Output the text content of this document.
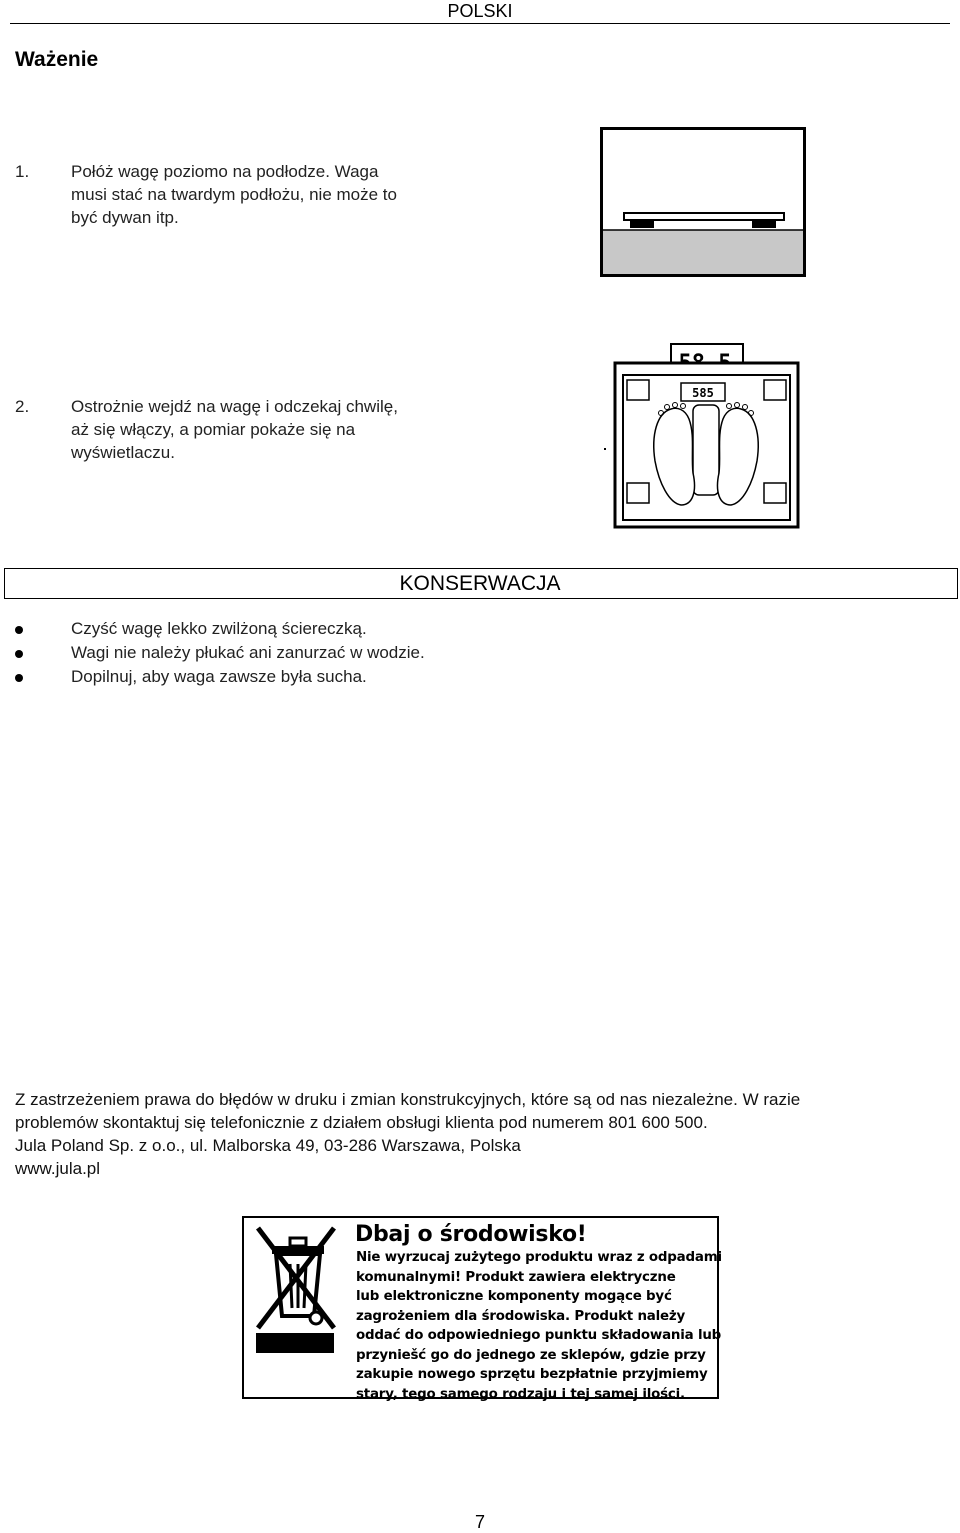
POLSKI
Ważenie
1. Połóż wagę poziomo na podłodze. Waga
musi stać na twardym podłożu, nie może to
być dywan itp.
2. Ostrożnie wejdź na wagę i odczekaj chwilę,
aż się włączy, a pomiar pokaże się na
wyświetlaczu.
585
KONSERWACJA
Czyść wagę lekko zwilżoną ściereczką.
Wagi nie należy płukać ani zanurzać w wodzie.
Dopilnuj, aby waga zawsze była sucha.
Z zastrzeżeniem prawa do błędów w druku i zmian konstrukcyjnych, które są od nas niezależne. W razie
problemów skontaktuj się telefonicznie z działem obsługi klienta pod numerem 801 600 500.
Jula Poland Sp. z o.o., ul. Malborska 49, 03-286 Warszawa, Polska
www.jula.pl
Dbaj o środowisko!
Nie wyrzucaj zużytego produktu wraz z odpadami
komunalnymi! Produkt zawiera elektryczne
lub elektroniczne komponenty mogące być
zagrożeniem dla środowiska. Produkt należy
oddać do odpowiedniego punktu składowania lub
przyniešć go do jednego ze sklepów, gdzie przy
zakupie nowego sprzętu bezpłatnie przyjmiemy
stary, tego samego rodzaju i tej samej ilości.
7
